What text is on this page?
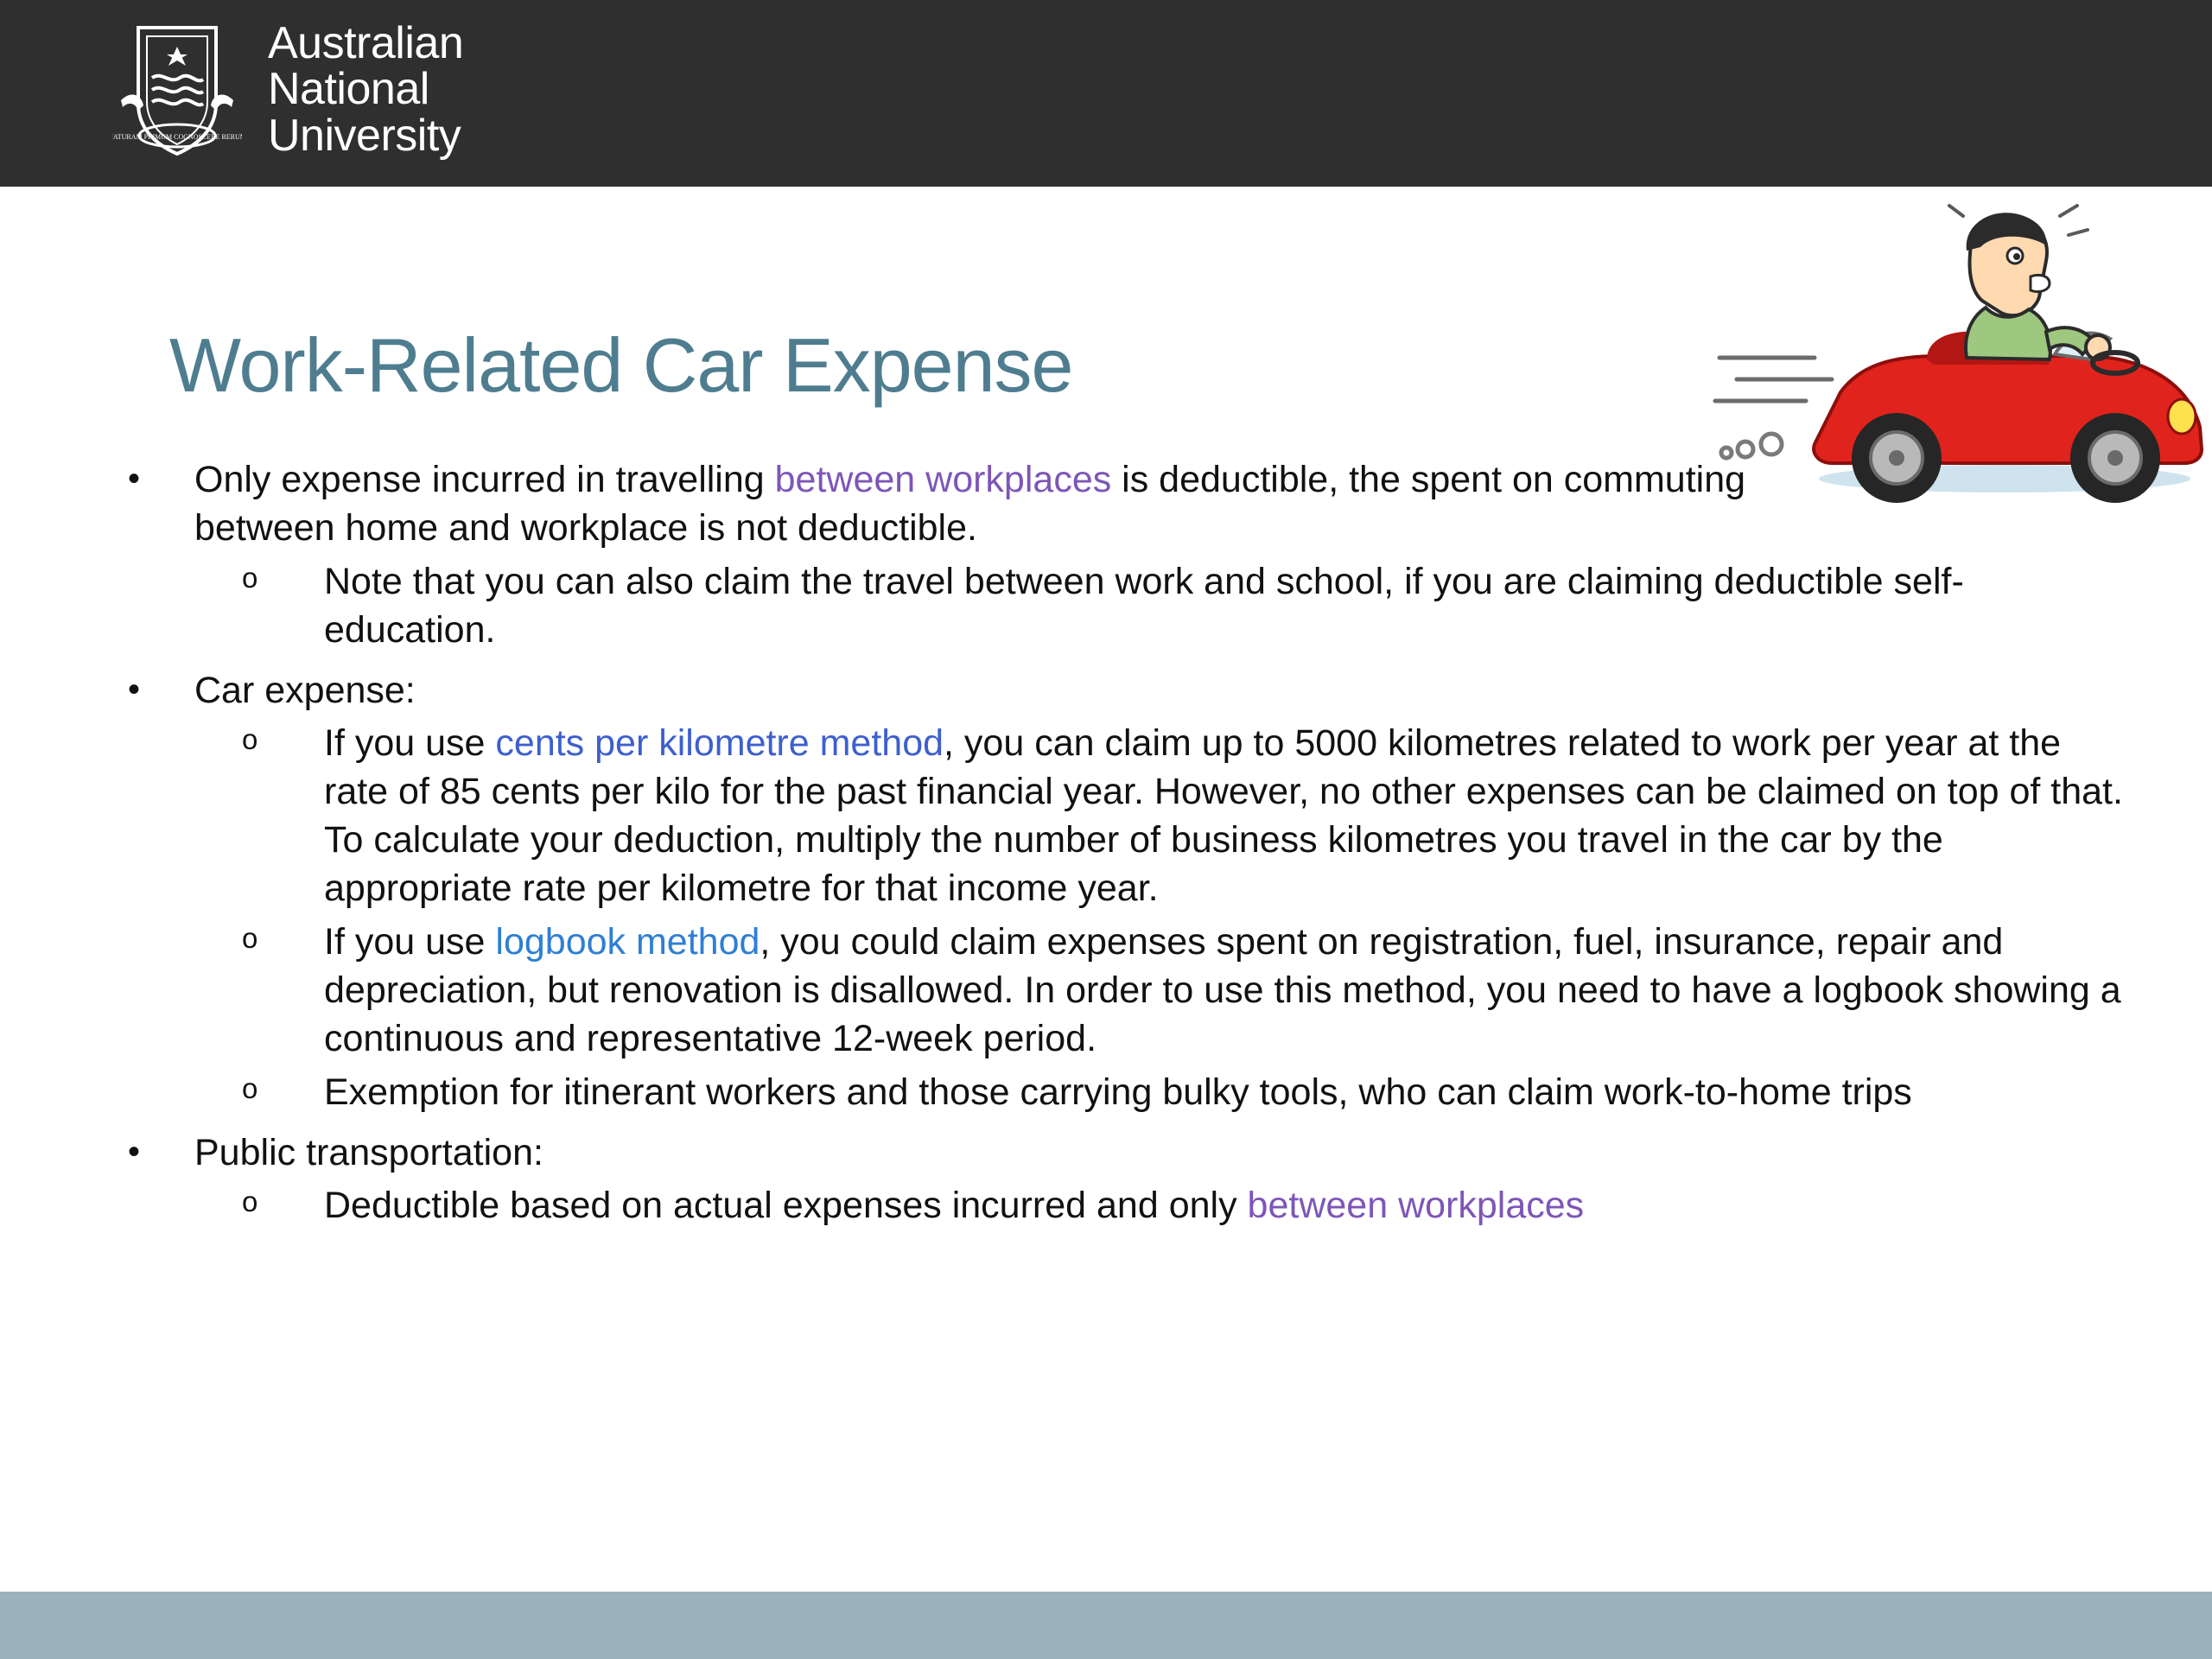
NATURAM PRIMUM COGNOSCERE RERUM
Australian
National
University
Work-Related Car Expense
•	Only expense incurred in travelling between workplaces is deductible, the spent on commuting between home and workplace is not deductible.
o	Note that you can also claim the travel between work and school, if you are claiming deductible self-education.
•	Car expense:
o	If you use cents per kilometre method, you can claim up to 5000 kilometres related to work per year at the rate of 85 cents per kilo for the past financial year. However, no other expenses can be claimed on top of that. To calculate your deduction, multiply the number of business kilometres you travel in the car by the appropriate rate per kilometre for that income year.
o	If you use logbook method, you could claim expenses spent on registration, fuel, insurance, repair and depreciation, but renovation is disallowed. In order to use this method, you need to have a logbook showing a continuous and representative 12-week period.
o	Exemption for itinerant workers and those carrying bulky tools, who can claim work-to-home trips
•	Public transportation:
o	Deductible based on actual expenses incurred and only between workplaces
